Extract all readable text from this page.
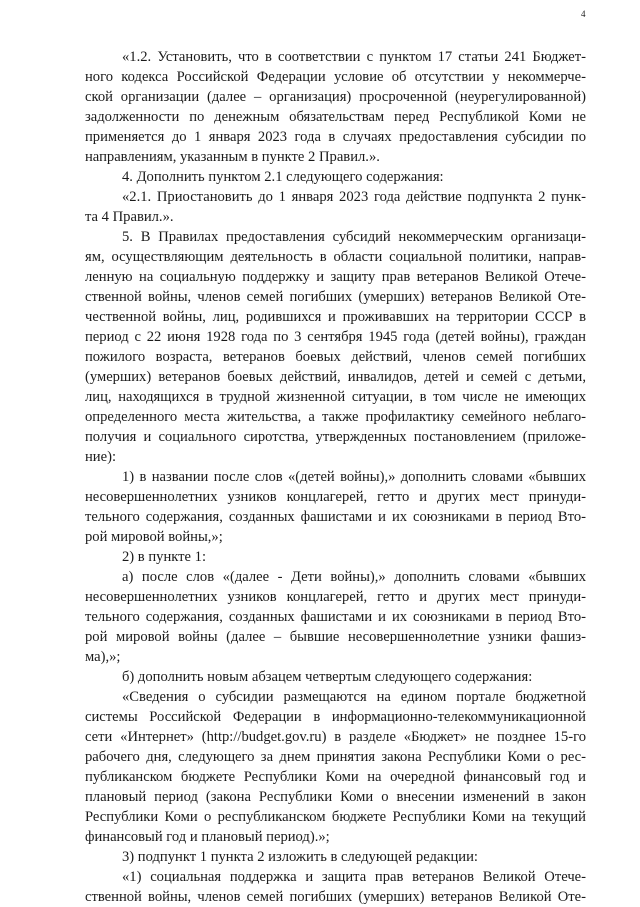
4
«1.2. Установить, что в соответствии с пунктом 17 статьи 241 Бюджет-
ного кодекса Российской Федерации условие об отсутствии у некоммерче-
ской организации (далее – организация) просроченной (неурегулированной)
задолженности по денежным обязательствам перед Республикой Коми не
применяется до 1 января 2023 года в случаях предоставления субсидии по
направлениям, указанным в пункте 2 Правил.».
4. Дополнить пунктом 2.1 следующего содержания:
«2.1. Приостановить до 1 января 2023 года действие подпункта 2 пунк-
та 4 Правил.».
5. В Правилах предоставления субсидий некоммерческим организаци-
ям, осуществляющим деятельность в области социальной политики, направ-
ленную на социальную поддержку и защиту прав ветеранов Великой Отече-
ственной войны, членов семей погибших (умерших) ветеранов Великой Оте-
чественной войны, лиц, родившихся и проживавших на территории СССР в
период с 22 июня 1928 года по 3 сентября 1945 года (детей войны), граждан
пожилого возраста, ветеранов боевых действий, членов семей погибших
(умерших) ветеранов боевых действий, инвалидов, детей и семей с детьми,
лиц, находящихся в трудной жизненной ситуации, в том числе не имеющих
определенного места жительства, а также профилактику семейного неблаго-
получия и социального сиротства, утвержденных постановлением (приложе-
ние):
1) в названии после слов «(детей войны),» дополнить словами «бывших
несовершеннолетних узников концлагерей, гетто и других мест принуди-
тельного содержания, созданных фашистами и их союзниками в период Вто-
рой мировой войны,»;
2) в пункте 1:
а) после слов «(далее - Дети войны),» дополнить словами «бывших
несовершеннолетних узников концлагерей, гетто и других мест принуди-
тельного содержания, созданных фашистами и их союзниками в период Вто-
рой мировой войны (далее – бывшие несовершеннолетние узники фашиз-
ма),»;
б) дополнить новым абзацем четвертым следующего содержания:
«Сведения о субсидии размещаются на едином портале бюджетной
системы Российской Федерации в информационно-телекоммуникационной
сети «Интернет» (http://budget.gov.ru) в разделе «Бюджет» не позднее 15-го
рабочего дня, следующего за днем принятия закона Республики Коми о рес-
публиканском бюджете Республики Коми на очередной финансовый год и
плановый период (закона Республики Коми о внесении изменений в закон
Республики Коми о республиканском бюджете Республики Коми на текущий
финансовый год и плановый период).»;
3) подпункт 1 пункта 2 изложить в следующей редакции:
«1) социальная поддержка и защита прав ветеранов Великой Отече-
ственной войны, членов семей погибших (умерших) ветеранов Великой Оте-
